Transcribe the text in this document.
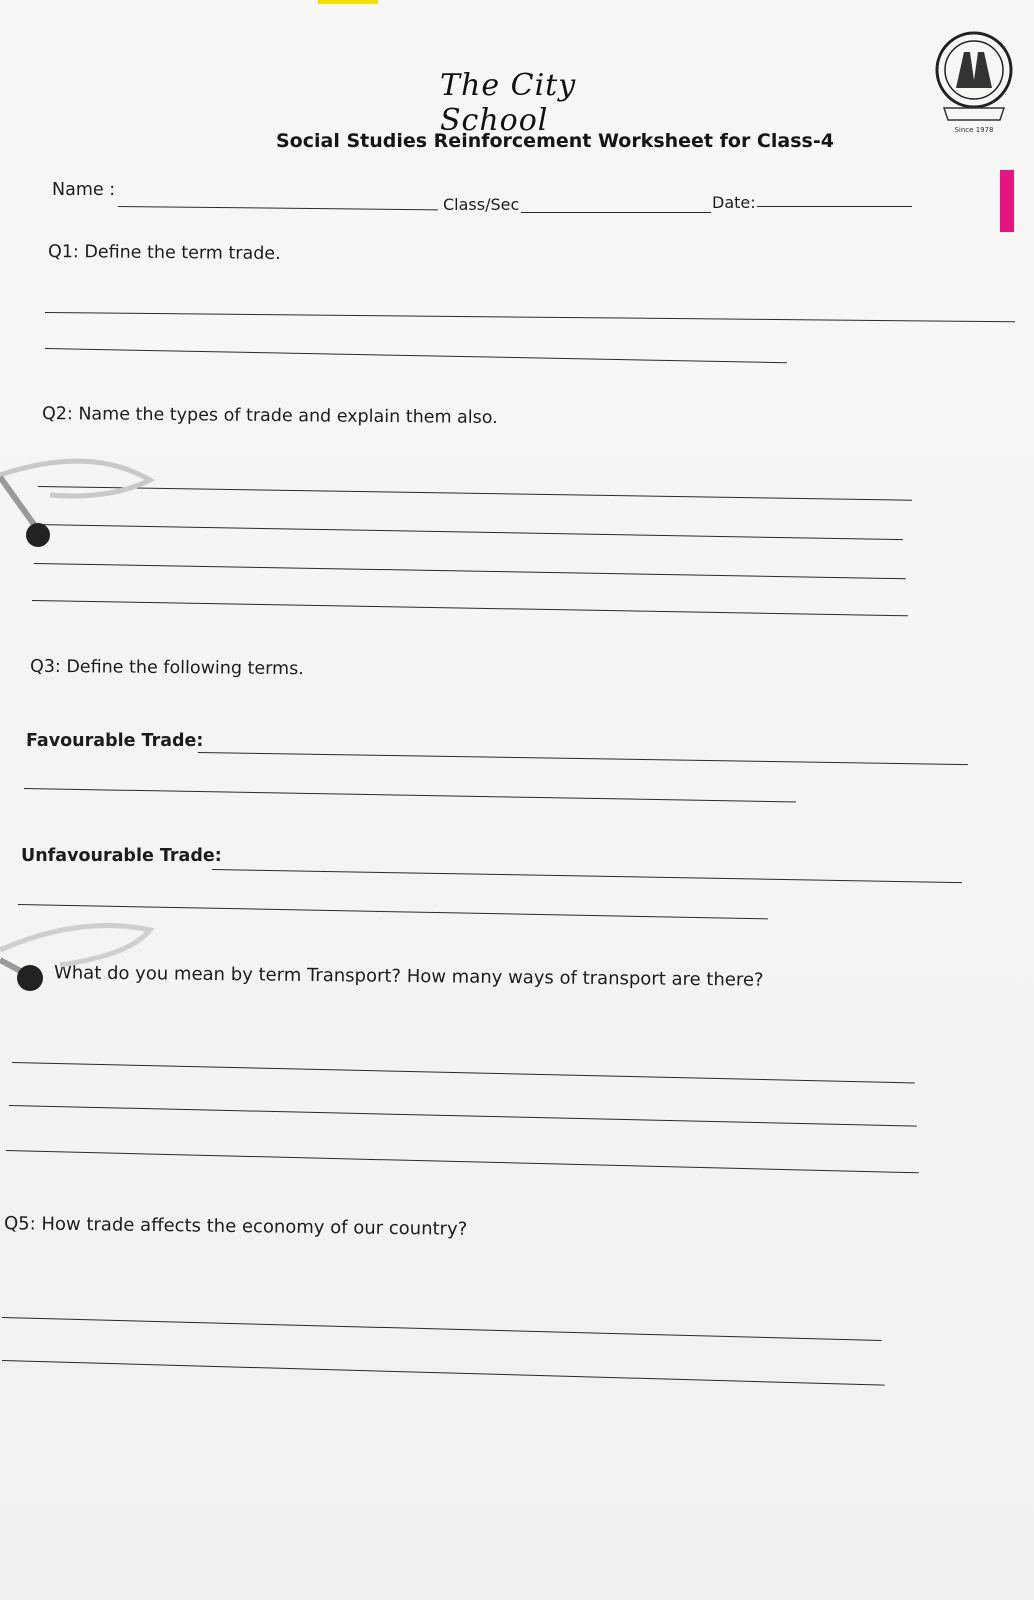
The City School
Social Studies Reinforcement Worksheet for Class-4	Since 1978
Name :
Class/Sec	Date:
Q1: Define the term trade.
Q2: Name the types of trade and explain them also.
Q3: Define the following terms.
Favourable Trade:
Unfavourable Trade:
What do you mean by term Transport? How many ways of transport are there?
Q5: How trade affects the economy of our country?
